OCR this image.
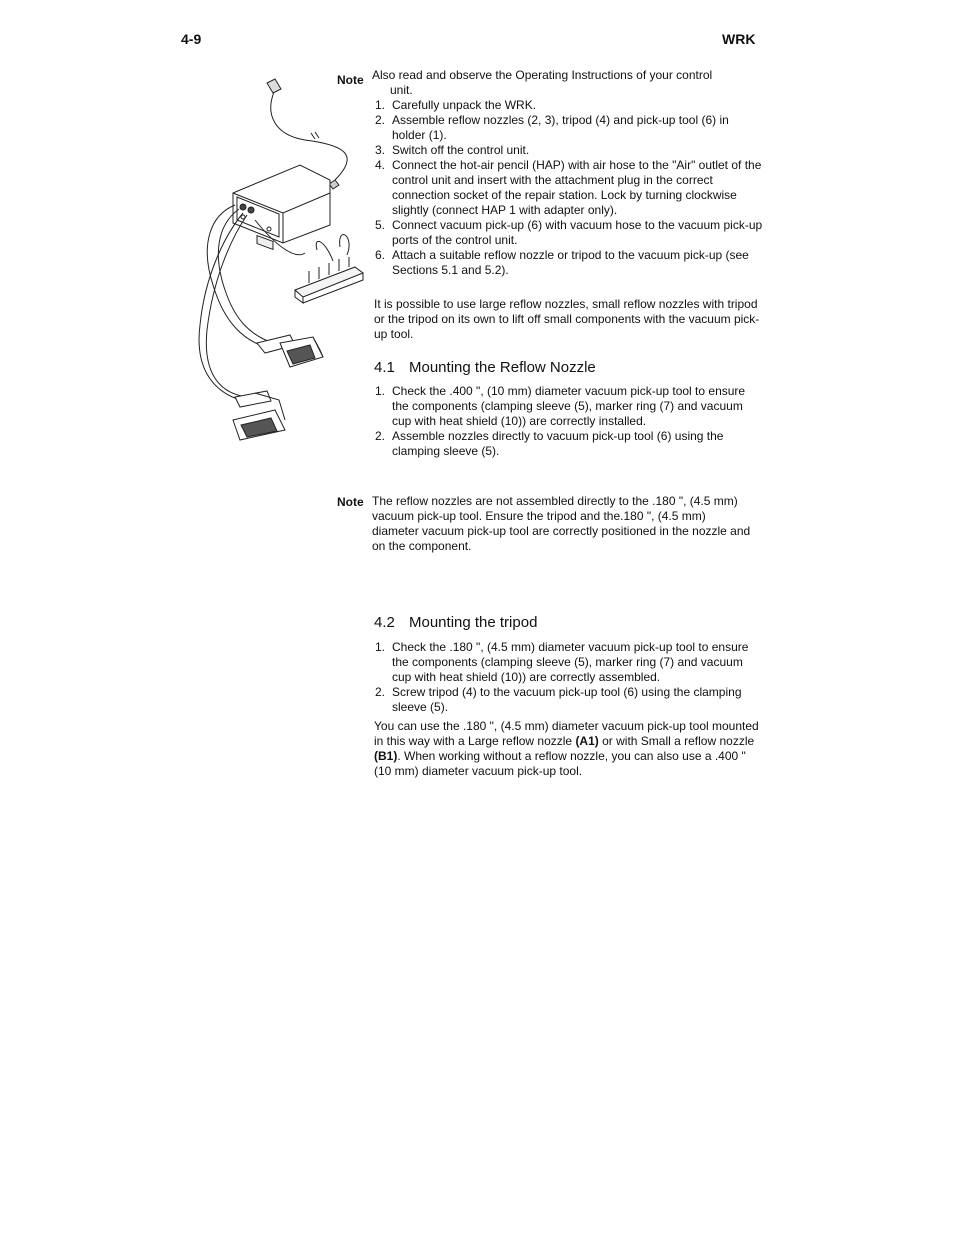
4-9	WRK
Note Also read and observe the Operating Instructions of your control
unit.
1. Carefully unpack the WRK.
2. Assemble reflow nozzles (2, 3), tripod (4) and pick-up tool (6) in holder (1).
3. Switch off the control unit.
4. Connect the hot-air pencil (HAP) with air hose to the "Air" outlet of the control unit and insert with the attachment plug in the correct connection socket of the repair station. Lock by turning clockwise slightly (connect HAP 1 with adapter only).
5. Connect vacuum pick-up (6) with vacuum hose to the vacuum pick-up ports of the control unit.
6. Attach a suitable reflow nozzle or tripod to the vacuum pick-up (see Sections 5.1 and 5.2).

It is possible to use large reflow nozzles, small reflow nozzles with tripod or the tripod on its own to lift off small components with the vacuum pick-up tool.

4.1 Mounting the Reflow Nozzle
1. Check the .400 ", (10 mm) diameter vacuum pick-up tool to ensure the components (clamping sleeve (5), marker ring (7) and vacuum cup with heat shield (10)) are correctly installed.
2. Assemble nozzles directly to vacuum pick-up tool (6) using the clamping sleeve (5).
Note The reflow nozzles are not assembled directly to the .180 ", (4.5 mm) vacuum pick-up tool. Ensure the tripod and the.180 ", (4.5 mm) diameter vacuum pick-up tool are correctly positioned in the nozzle and on the component.

4.2 Mounting the tripod
1. Check the .180 ", (4.5 mm) diameter vacuum pick-up tool to ensure the components (clamping sleeve (5), marker ring (7) and vacuum cup with heat shield (10)) are correctly assembled.
2. Screw tripod (4) to the vacuum pick-up tool (6) using the clamping sleeve (5).

You can use the .180 ", (4.5 mm) diameter vacuum pick-up tool mounted in this way with a Large reflow nozzle (A1) or with Small a reflow nozzle (B1). When working without a reflow nozzle, you can also use a .400 " (10 mm) diameter vacuum pick-up tool.
